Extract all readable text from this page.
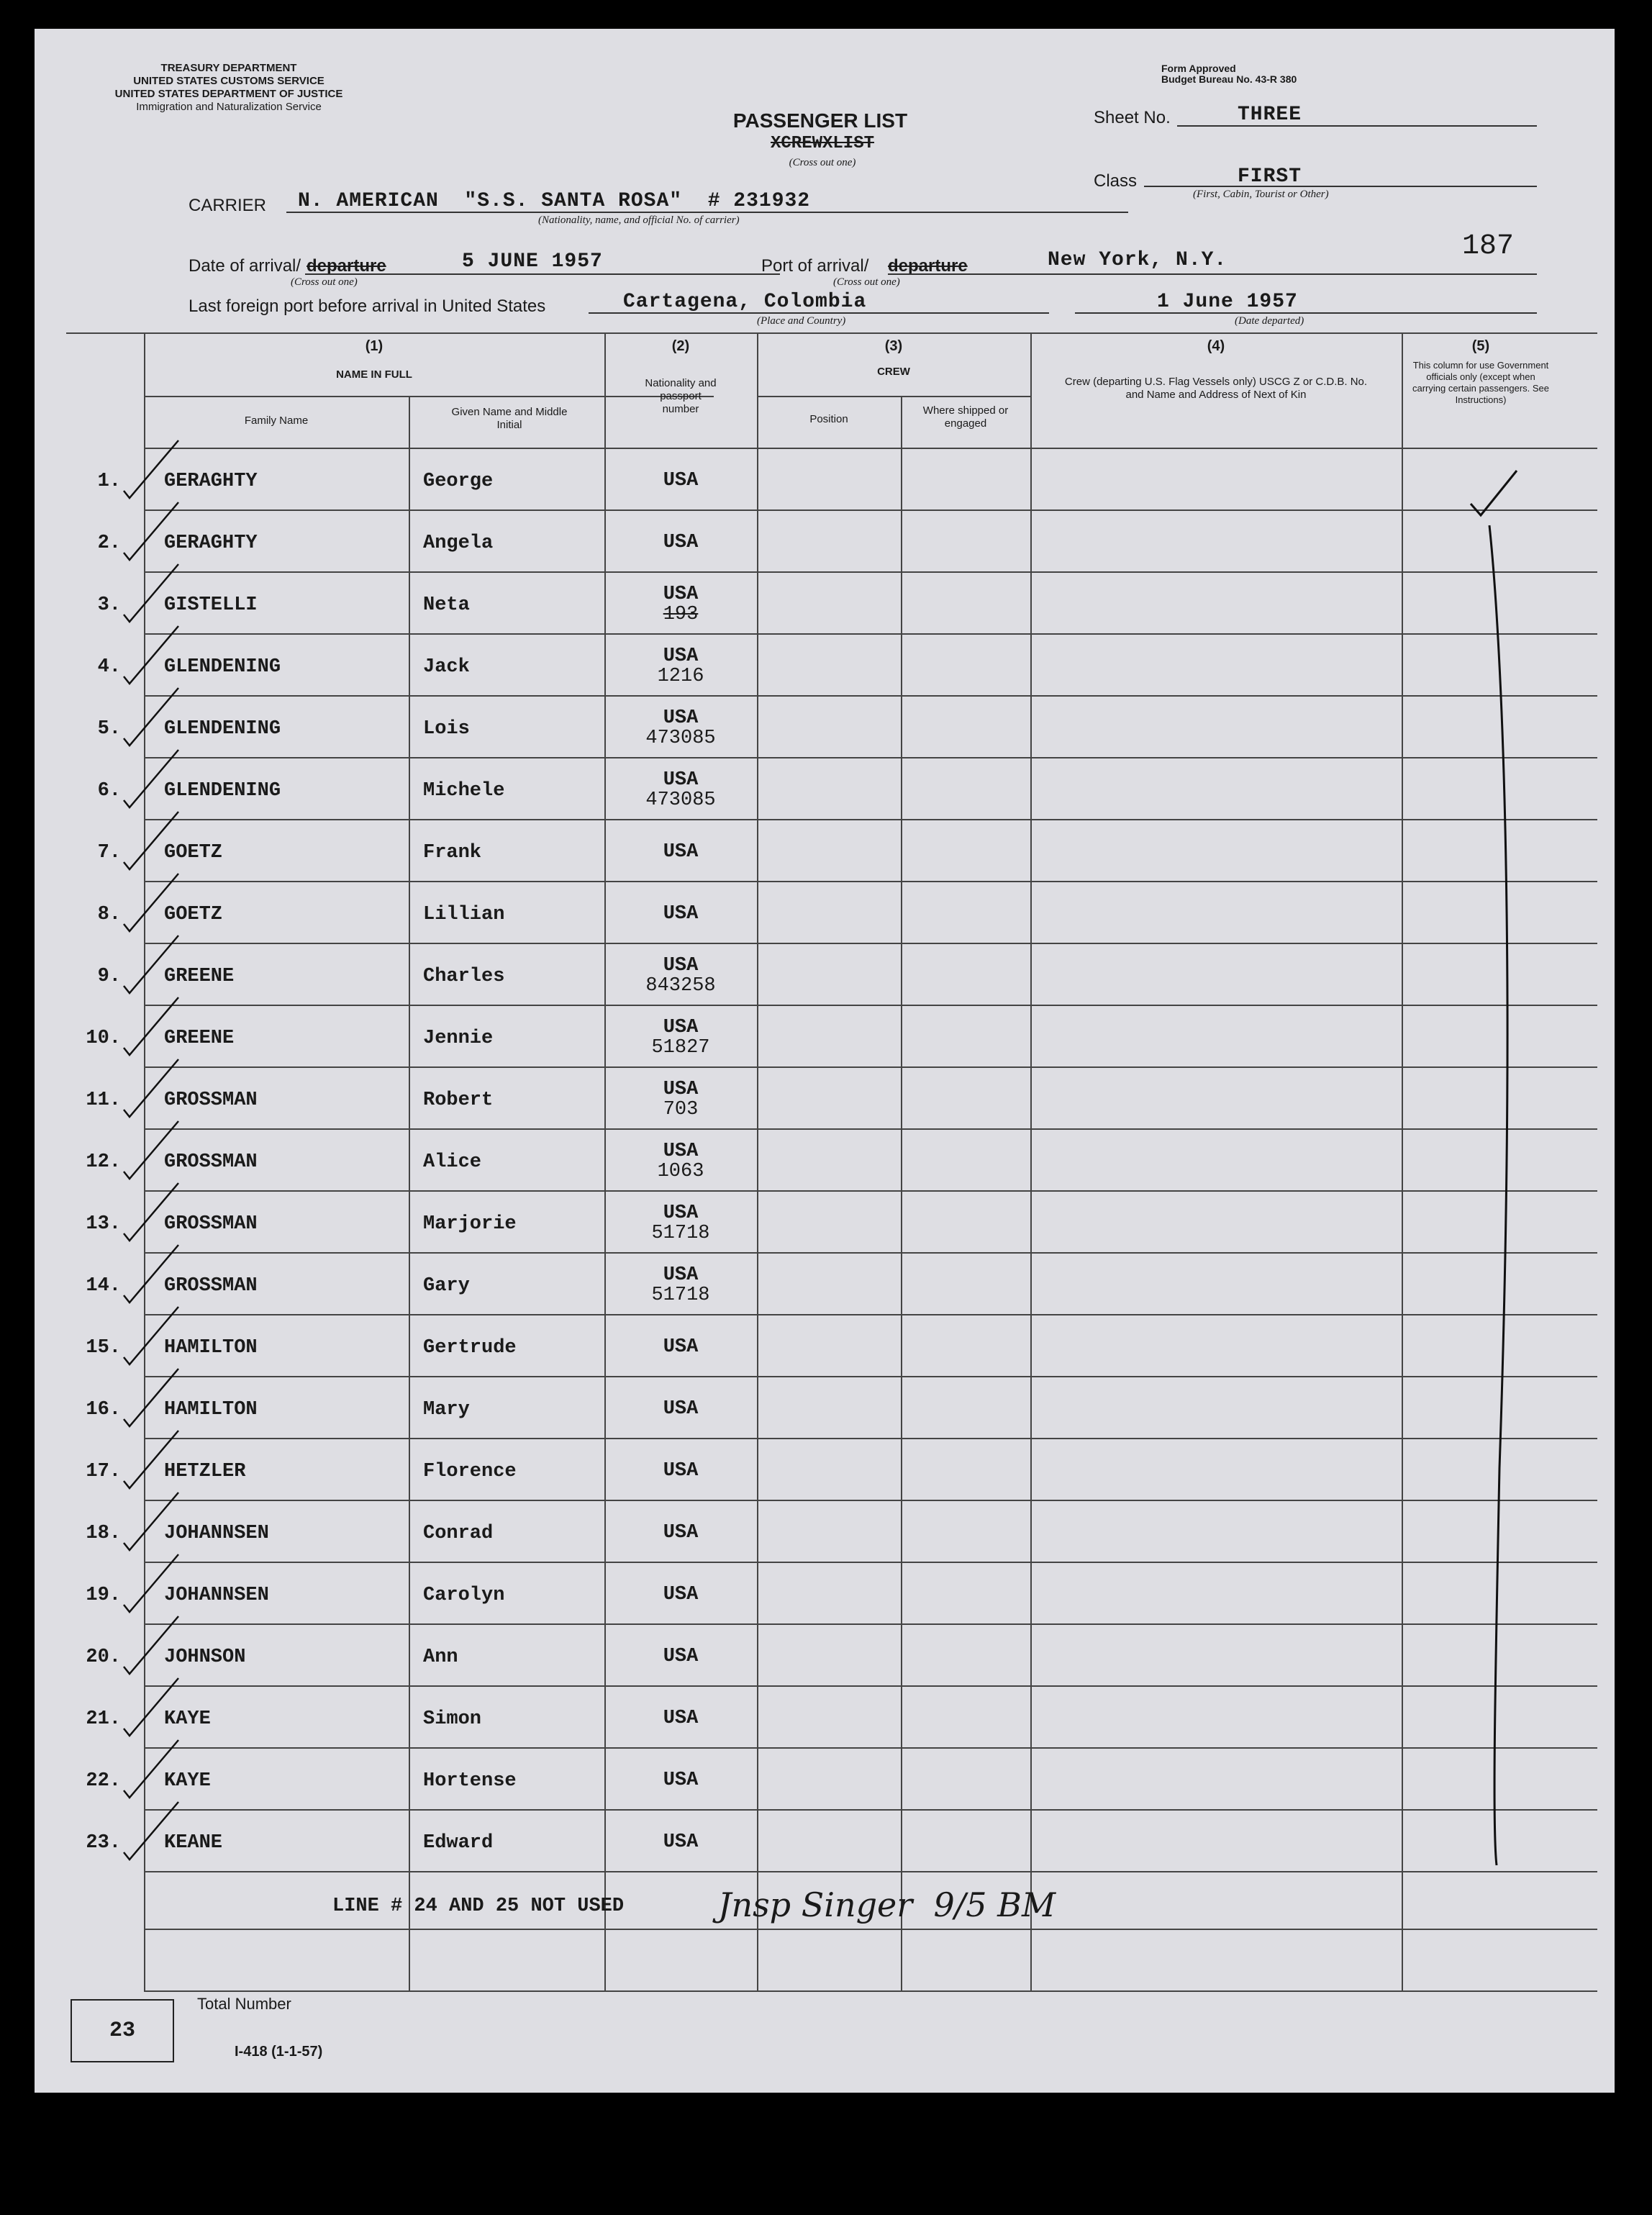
TREASURY DEPARTMENT
UNITED STATES CUSTOMS SERVICE
UNITED STATES DEPARTMENT OF JUSTICE
Immigration and Naturalization Service
Form Approved
Budget Bureau No. 43-R 380
PASSENGER LIST
XCREWXLIST
(Cross out one)
Sheet No.	THREE
Class	FIRST
(First, Cabin, Tourist or Other)
CARRIER N. AMERICAN  "S.S. SANTA ROSA"  # 231932
(Nationality, name, and official No. of carrier)
187
Date of arrival/ departure	5 JUNE 1957
(Cross out one)
Port of arrival/ departure	New York, N.Y.
(Cross out one)
Last foreign port before arrival in United States	Cartagena, Colombia
(Place and Country)
1 June 1957
(Date departed)
(1)
NAME IN FULL
Family Name
Given Name and Middle Initial
(2)
Nationality and passport number
(3)
CREW
Position
Where shipped or engaged
(4)
Crew (departing U.S. Flag Vessels only) USCG Z or C.D.B. No. and Name and Address of Next of Kin
(5)
This column for use Government officials only (except when carrying certain passengers. See Instructions)
1. GERAGHTY	George	USA
2. GERAGHTY	Angela	USA
3. GISTELLI	Neta	USA
193
4. GLENDENING	Jack	USA
1216
5. GLENDENING	Lois	USA
473085
6. GLENDENING	Michele	USA
473085
7. GOETZ	Frank	USA
8. GOETZ	Lillian	USA
9. GREENE	Charles	USA
843258
10. GREENE	Jennie	USA
51827
11. GROSSMAN	Robert	USA
703
12. GROSSMAN	Alice	USA
1063
13. GROSSMAN	Marjorie	USA
51718
14. GROSSMAN	Gary	USA
51718
15. HAMILTON	Gertrude	USA
16. HAMILTON	Mary	USA
17. HETZLER	Florence	USA
18. JOHANNSEN	Conrad	USA
19. JOHANNSEN	Carolyn	USA
20. JOHNSON	Ann	USA
21. KAYE	Simon	USA
22. KAYE	Hortense	USA
23. KEANE	Edward	USA
LINE # 24 AND 25 NOT USED	Jnsp Singer  9/5 BM
23
Total Number
I-418 (1-1-57)
